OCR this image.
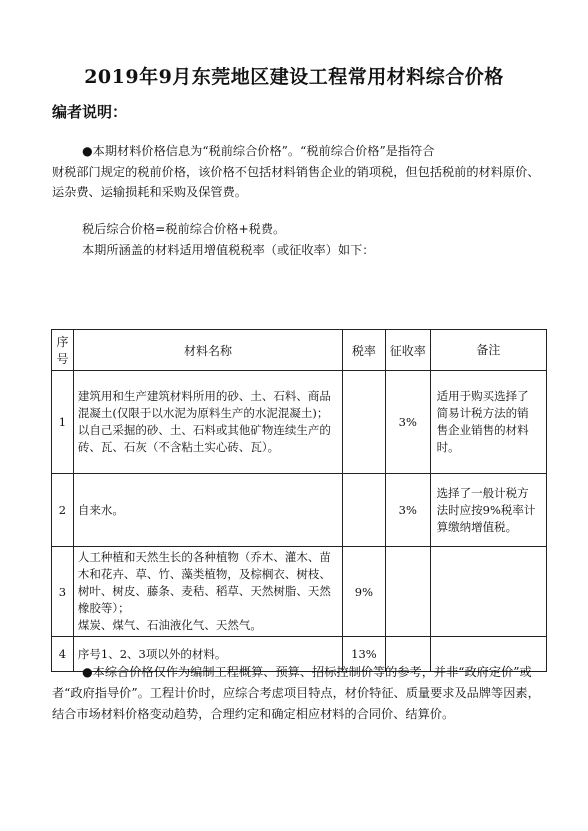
2019年9月东莞地区建设工程常用材料综合价格
编者说明：
●本期材料价格信息为“税前综合价格”。“税前综合价格”是指符合
财税部门规定的税前价格，该价格不包括材料销售企业的销项税，但包括税前的材料原价、运杂费、运输损耗和采购及保管费。
税后综合价格=税前综合价格+税费。
本期所涵盖的材料适用增值税税率（或征收率）如下：
序号	材料名称	税率	征收率	备注
1	建筑用和生产建筑材料所用的砂、土、石料、商品混凝土(仅限于以水泥为原料生产的水泥混凝土)；
以自己采掘的砂、土、石料或其他矿物连续生产的砖、瓦、石灰（不含粘土实心砖、瓦）。		3%	适用于购买选择了简易计税方法的销售企业销售的材料时。

2	自来水。		3%	选择了一般计税方法时应按9%税率计算缴纳增值税。

3	人工种植和天然生长的各种植物（乔木、灌木、苗木和花卉、草、竹、藻类植物，及棕榈衣、树枝、树叶、树皮、藤条、麦秸、稻草、天然树脂、天然橡胶等）；
煤炭、煤气、石油液化气、天然气。	9%		
4	序号1、2、3项以外的材料。	13%		
●本综合价格仅作为编制工程概算、预算、招标控制价等的参考，并非“政府定价”或者“政府指导价”。工程计价时，应综合考虑项目特点，材价特征、质量要求及品牌等因素，结合市场材料价格变动趋势，合理约定和确定相应材料的合同价、结算价。
